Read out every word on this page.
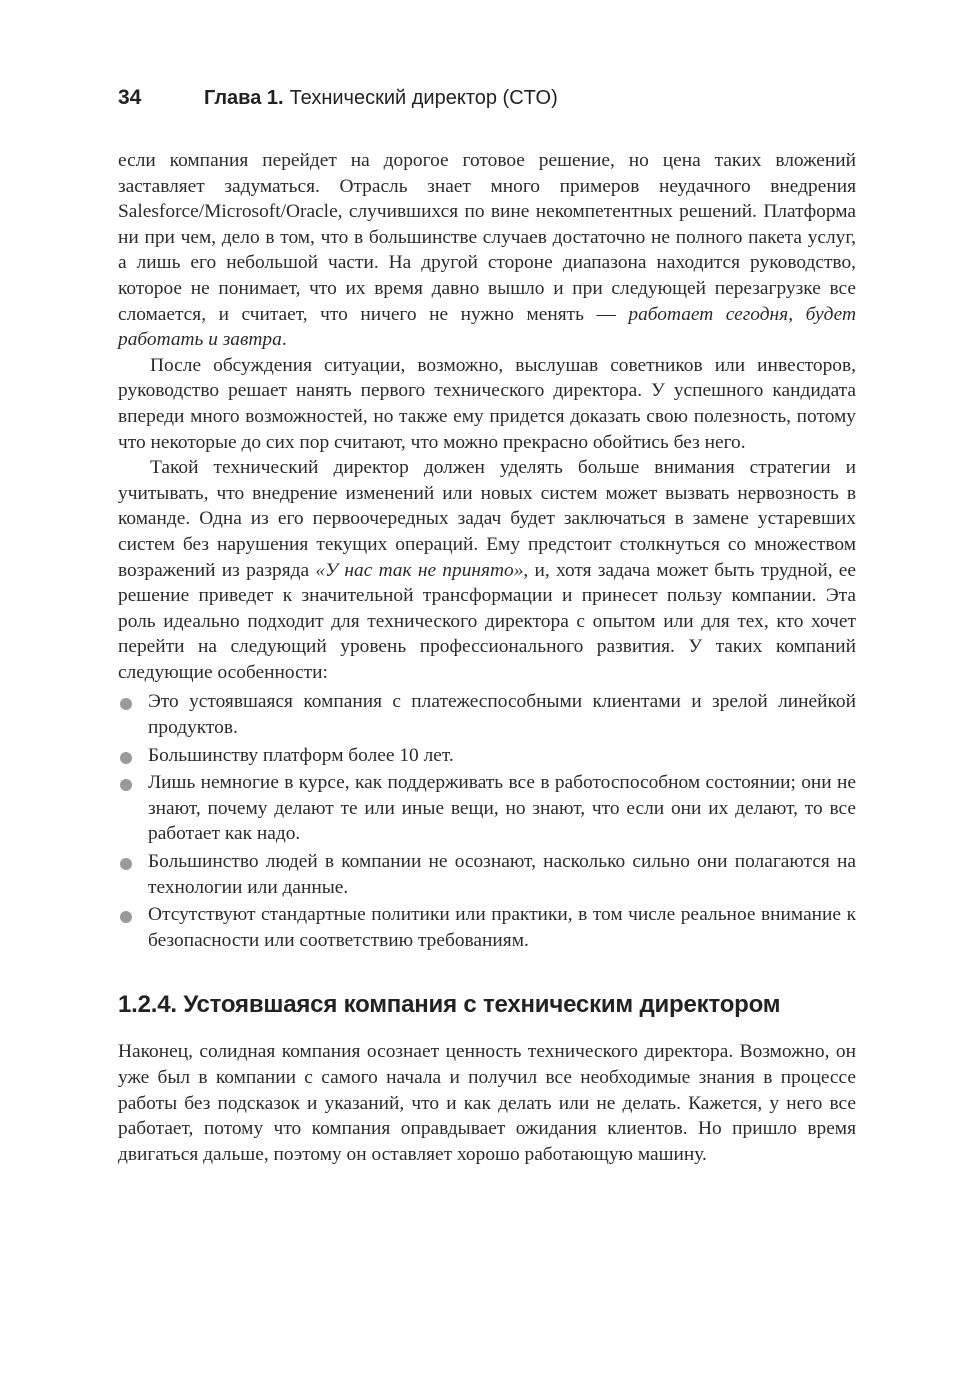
34	Глава 1. Технический директор (CTO)

если компания перейдет на дорогое готовое решение, но цена таких вложений заставляет задуматься. Отрасль знает много примеров неудачного внедрения Salesforce/Microsoft/Oracle, случившихся по вине некомпетентных решений. Платформа ни при чем, дело в том, что в большинстве случаев достаточно не полного пакета услуг, а лишь его небольшой части. На другой стороне диапазона находится руководство, которое не понимает, что их время давно вышло и при следующей перезагрузке все сломается, и считает, что ничего не нужно менять — работает сегодня, будет работать и завтра.

После обсуждения ситуации, возможно, выслушав советников или инвесторов, руководство решает нанять первого технического директора. У успешного кандидата впереди много возможностей, но также ему придется доказать свою полезность, потому что некоторые до сих пор считают, что можно прекрасно обойтись без него.

Такой технический директор должен уделять больше внимания стратегии и учитывать, что внедрение изменений или новых систем может вызвать нервозность в команде. Одна из его первоочередных задач будет заключаться в замене устаревших систем без нарушения текущих операций. Ему предстоит столкнуться со множеством возражений из разряда «У нас так не принято», и, хотя задача может быть трудной, ее решение приведет к значительной трансформации и принесет пользу компании. Эта роль идеально подходит для технического директора с опытом или для тех, кто хочет перейти на следующий уровень профессионального развития. У таких компаний следующие особенности:

Это устоявшаяся компания с платежеспособными клиентами и зрелой линейкой продуктов.
Большинству платформ более 10 лет.
Лишь немногие в курсе, как поддерживать все в работоспособном состоянии; они не знают, почему делают те или иные вещи, но знают, что если они их делают, то все работает как надо.
Большинство людей в компании не осознают, насколько сильно они полагаются на технологии или данные.
Отсутствуют стандартные политики или практики, в том числе реальное внимание к безопасности или соответствию требованиям.
1.2.4. Устоявшаяся компания с техническим директором

Наконец, солидная компания осознает ценность технического директора. Возможно, он уже был в компании с самого начала и получил все необходимые знания в процессе работы без подсказок и указаний, что и как делать или не делать. Кажется, у него все работает, потому что компания оправдывает ожидания клиентов. Но пришло время двигаться дальше, поэтому он оставляет хорошо работающую машину.
